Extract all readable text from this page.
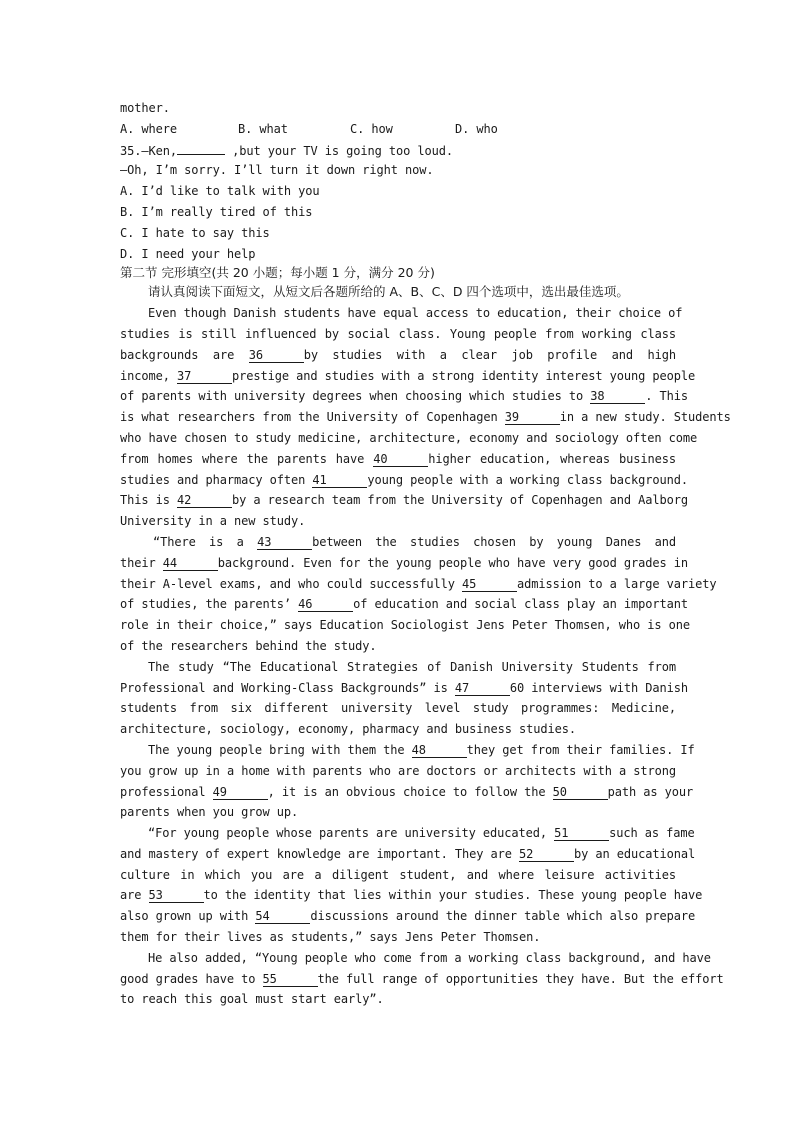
mother.
A. where	B. what	C. how	D. who
35.—Ken,	,but your TV is going too loud.
—Oh, I’m sorry. I’ll turn it down right now.
A. I’d like to talk with you
B. I’m really tired of this
C. I hate to say this
D. I need your help
第二节 完形填空(共 20 小题；每小题 1 分，满分 20 分)
请认真阅读下面短文，从短文后各题所给的 A、B、C、D 四个选项中，选出最佳选项。
Even though Danish students have equal access to education, their choice of
studies is still influenced by social class. Young people from working class
backgrounds are 36	by studies with a clear job profile and high
income, 37	prestige and studies with a strong identity interest young people
of parents with university degrees when choosing which studies to 38	. This
is what researchers from the University of Copenhagen 39	in a new study. Students
who have chosen to study medicine, architecture, economy and sociology often come
from homes where the parents have 40	higher education, whereas business
studies and pharmacy often 41	young people with a working class background.
This is 42	by a research team from the University of Copenhagen and Aalborg
University in a new study.
“There is a 43	between the studies chosen by young Danes and
their 44	background. Even for the young people who have very good grades in
their A-level exams, and who could successfully 45	admission to a large variety
of studies, the parents’ 46	of education and social class play an important
role in their choice,” says Education Sociologist Jens Peter Thomsen, who is one
of the researchers behind the study.
The study “The Educational Strategies of Danish University Students from
Professional and Working-Class Backgrounds” is 47	60 interviews with Danish
students from six different university level study programmes: Medicine,
architecture, sociology, economy, pharmacy and business studies.
The young people bring with them the 48	they get from their families. If
you grow up in a home with parents who are doctors or architects with a strong
professional 49	, it is an obvious choice to follow the 50	path as your
parents when you grow up.
“For young people whose parents are university educated, 51	such as fame
and mastery of expert knowledge are important. They are 52	by an educational
culture in which you are a diligent student, and where leisure activities
are 53	to the identity that lies within your studies. These young people have
also grown up with 54	discussions around the dinner table which also prepare
them for their lives as students,” says Jens Peter Thomsen.
He also added, “Young people who come from a working class background, and have
good grades have to 55	the full range of opportunities they have. But the effort
to reach this goal must start early”.
